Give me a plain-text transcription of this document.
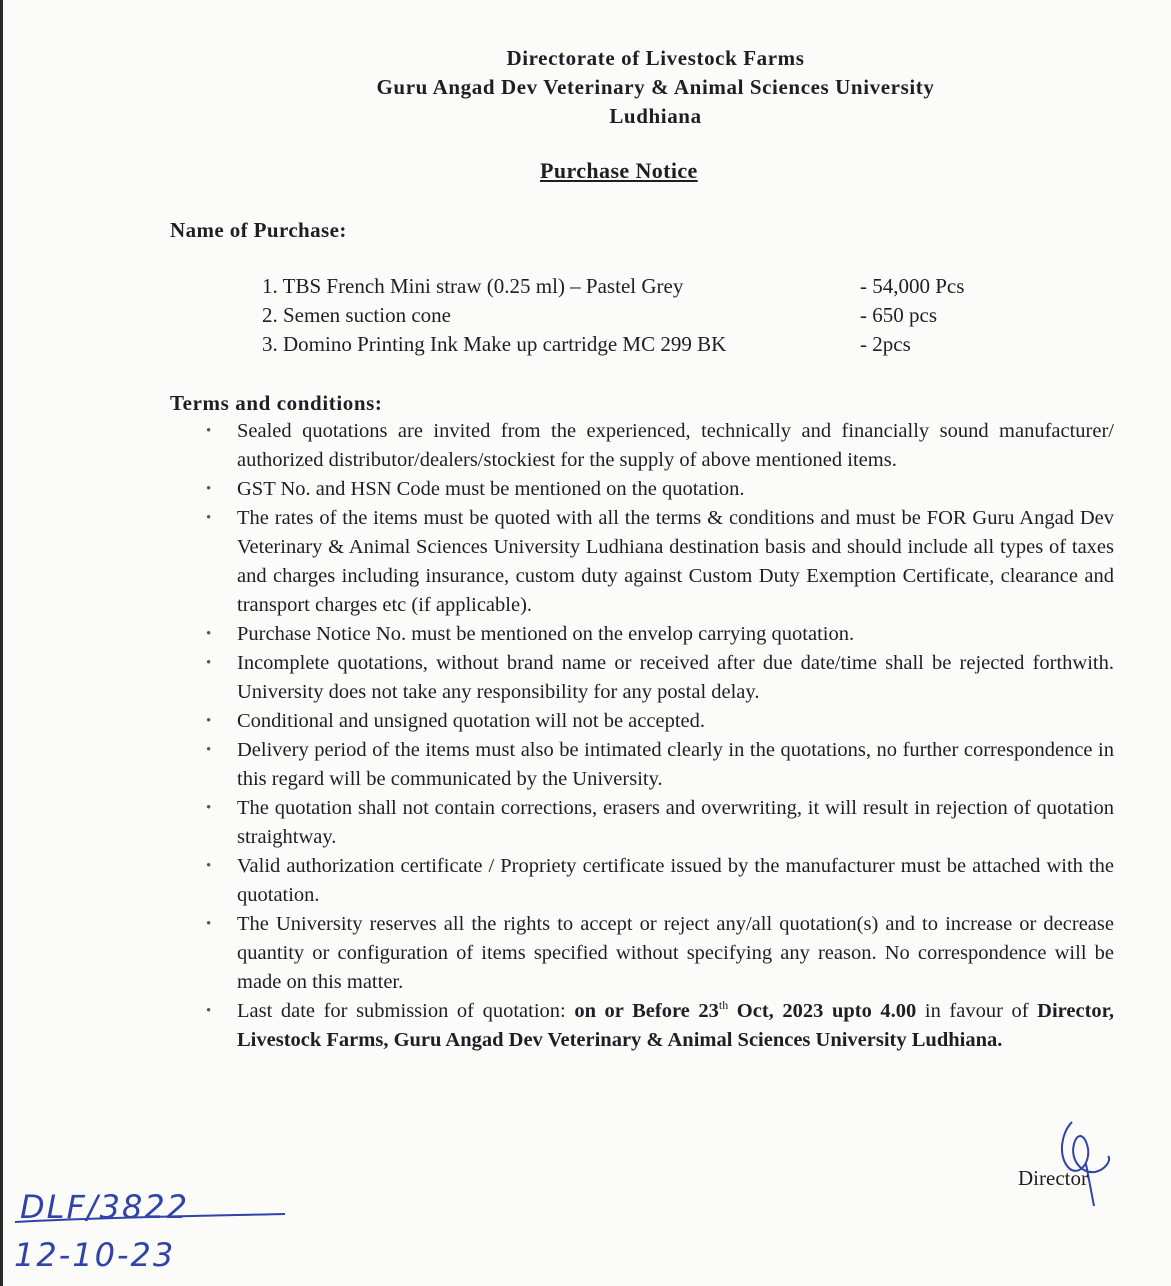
Directorate of Livestock Farms
Guru Angad Dev Veterinary & Animal Sciences University
Ludhiana
Purchase Notice
Name of Purchase:
1. TBS French Mini straw (0.25 ml) – Pastel Grey	- 54,000 Pcs
2. Semen suction cone	- 650 pcs
3. Domino Printing Ink Make up cartridge MC 299 BK	- 2pcs
Terms and conditions:
• Sealed quotations are invited from the experienced, technically and financially sound manufacturer/ authorized distributor/dealers/stockiest for the supply of above mentioned items.
• GST No. and HSN Code must be mentioned on the quotation.
• The rates of the items must be quoted with all the terms & conditions and must be FOR Guru Angad Dev Veterinary & Animal Sciences University Ludhiana destination basis and should include all types of taxes and charges including insurance, custom duty against Custom Duty Exemption Certificate, clearance and transport charges etc (if applicable).
• Purchase Notice No. must be mentioned on the envelop carrying quotation.
• Incomplete quotations, without brand name or received after due date/time shall be rejected forthwith. University does not take any responsibility for any postal delay.
• Conditional and unsigned quotation will not be accepted.
• Delivery period of the items must also be intimated clearly in the quotations, no further correspondence in this regard will be communicated by the University.
• The quotation shall not contain corrections, erasers and overwriting, it will result in rejection of quotation straightway.
• Valid authorization certificate / Propriety certificate issued by the manufacturer must be attached with the quotation.
• The University reserves all the rights to accept or reject any/all quotation(s) and to increase or decrease quantity or configuration of items specified without specifying any reason. No correspondence will be made on this matter.
• Last date for submission of quotation: on or Before 23th Oct, 2023 upto 4.00 in favour of Director, Livestock Farms, Guru Angad Dev Veterinary & Animal Sciences University Ludhiana.
Director
DLF/3822
12-10-23
